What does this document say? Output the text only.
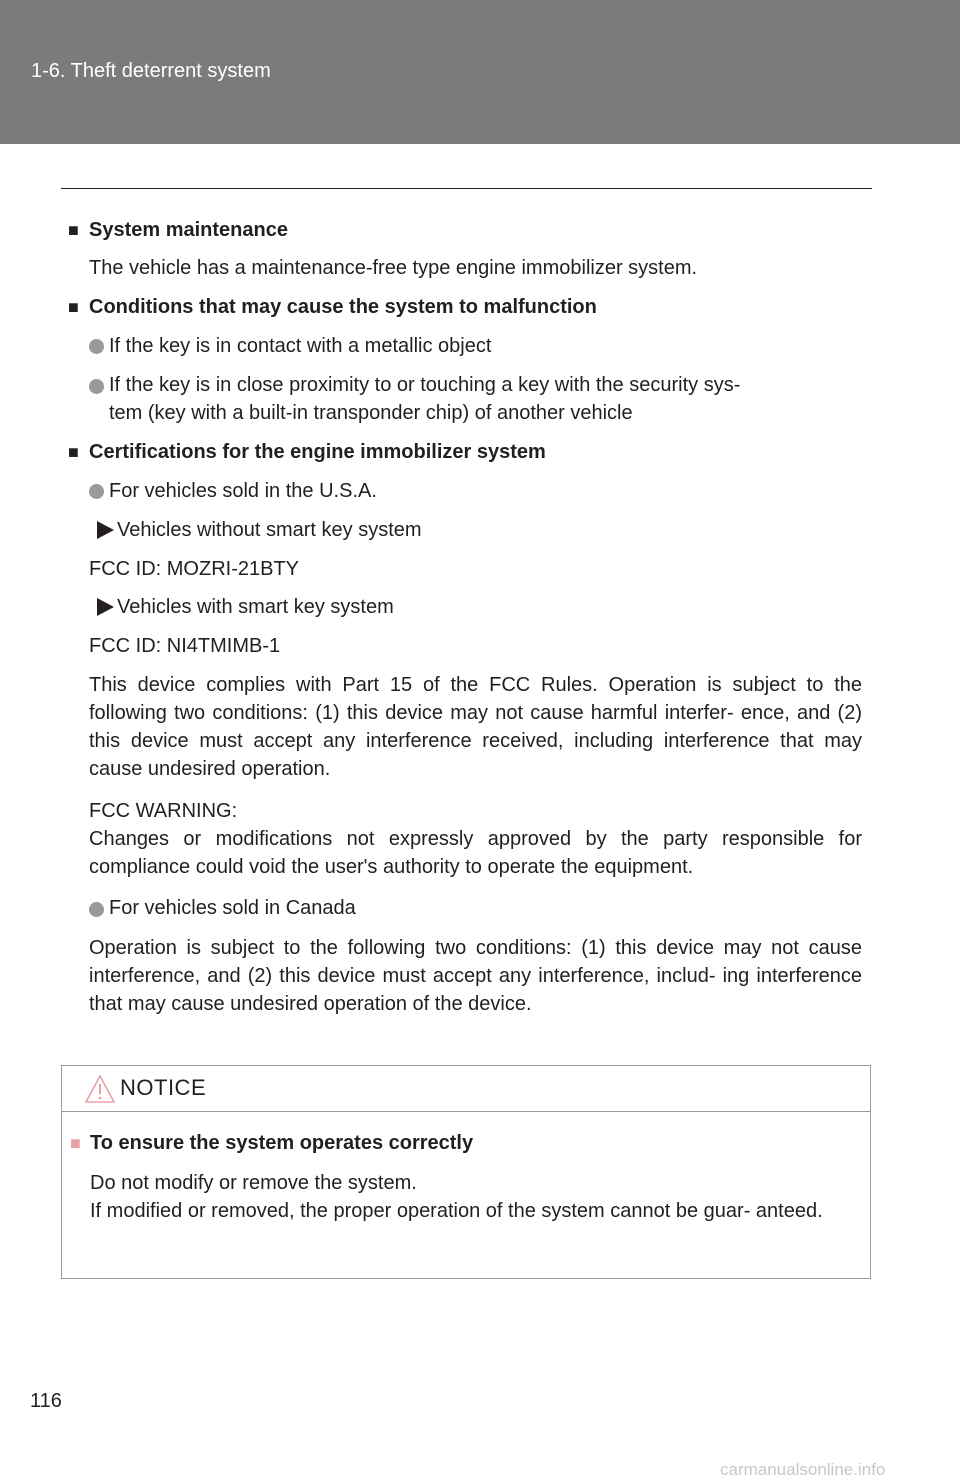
1-6. Theft deterrent system
■ System maintenance
The vehicle has a maintenance-free type engine immobilizer system.
■ Conditions that may cause the system to malfunction
If the key is in contact with a metallic object
If the key is in close proximity to or touching a key with the security sys-
tem (key with a built-in transponder chip) of another vehicle
■ Certifications for the engine immobilizer system
For vehicles sold in the U.S.A.
Vehicles without smart key system
FCC ID: MOZRI-21BTY
Vehicles with smart key system
FCC ID: NI4TMIMB-1
This device complies with Part 15 of the FCC Rules. Operation is subject to the following two conditions: (1) this device may not cause harmful interfer- ence, and (2) this device must accept any interference received, including interference that may cause undesired operation.
FCC WARNING:
Changes or modifications not expressly approved by the party responsible for compliance could void the user's authority to operate the equipment.
For vehicles sold in Canada
Operation is subject to the following two conditions: (1) this device may not cause interference, and (2) this device must accept any interference, includ- ing interference that may cause undesired operation of the device.
NOTICE
■ To ensure the system operates correctly
Do not modify or remove the system.
If modified or removed, the proper operation of the system cannot be guar- anteed.
116
carmanualsonline.info
